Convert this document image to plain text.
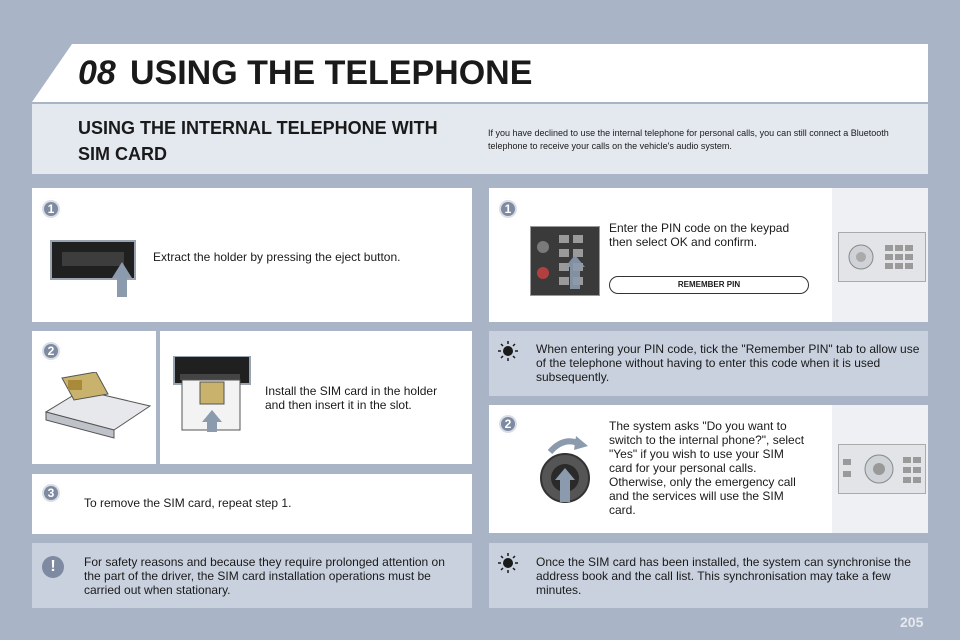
08 USING THE TELEPHONE
USING THE INTERNAL TELEPHONE WITH
SIM CARD
If you have declined to use the internal telephone for personal calls, you can still connect a Bluetooth telephone to receive your calls on the vehicle's audio system.
1
Extract the holder by pressing the eject button.
2
Install the SIM card in the holder and then insert it in the slot.
3
To remove the SIM card, repeat step 1.
!	For safety reasons and because they require prolonged attention on the part of the driver, the SIM card installation operations must be carried out when stationary.
1
Enter the PIN code on the keypad then select OK and confirm.
REMEMBER PIN
When entering your PIN code, tick the "Remember PIN" tab to allow use of the telephone without having to enter this code when it is used subsequently.
2	The system asks "Do you want to switch to the internal phone?", select "Yes" if you wish to use your SIM card for your personal calls. Otherwise, only the emergency call and the services will use the SIM card.
Once the SIM card has been installed, the system can synchronise the address book and the call list. This synchronisation may take a few minutes.
205
